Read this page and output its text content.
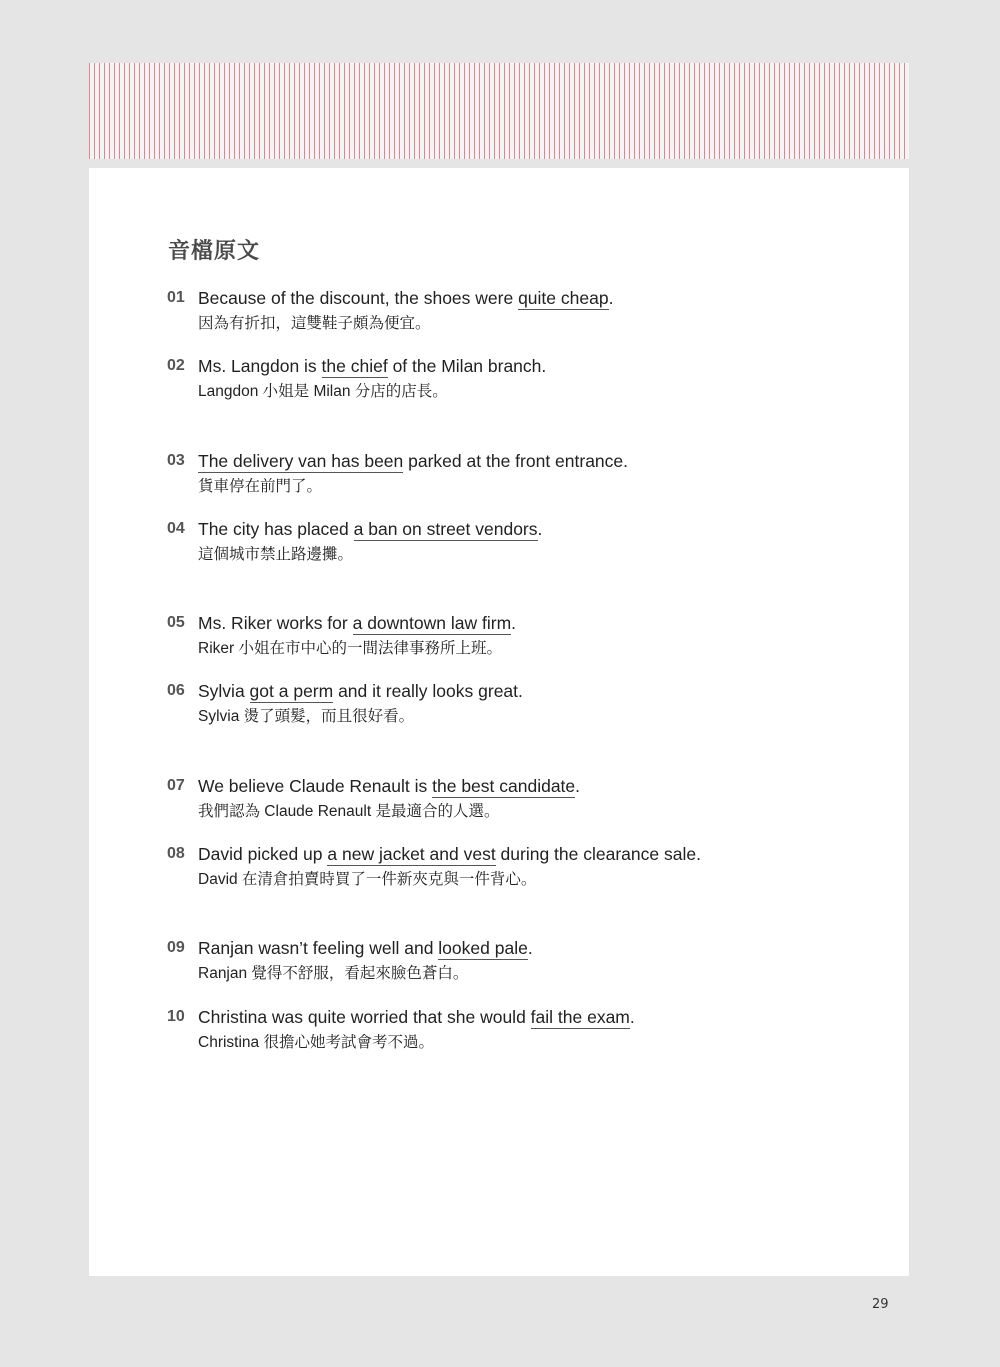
音檔原文
01 Because of the discount, the shoes were quite cheap.
因為有折扣，這雙鞋子頗為便宜。
02 Ms. Langdon is the chief of the Milan branch.
Langdon 小姐是 Milan 分店的店長。
03 The delivery van has been parked at the front entrance.
貨車停在前門了。
04 The city has placed a ban on street vendors.
這個城市禁止路邊攤。
05 Ms. Riker works for a downtown law firm.
Riker 小姐在市中心的一間法律事務所上班。
06 Sylvia got a perm and it really looks great.
Sylvia 燙了頭髮，而且很好看。
07 We believe Claude Renault is the best candidate.
我們認為 Claude Renault 是最適合的人選。
08 David picked up a new jacket and vest during the clearance sale.
David 在清倉拍賣時買了一件新夾克與一件背心。
09 Ranjan wasn’t feeling well and looked pale.
Ranjan 覺得不舒服，看起來臉色蒼白。
10 Christina was quite worried that she would fail the exam.
Christina 很擔心她考試會考不過。
29
